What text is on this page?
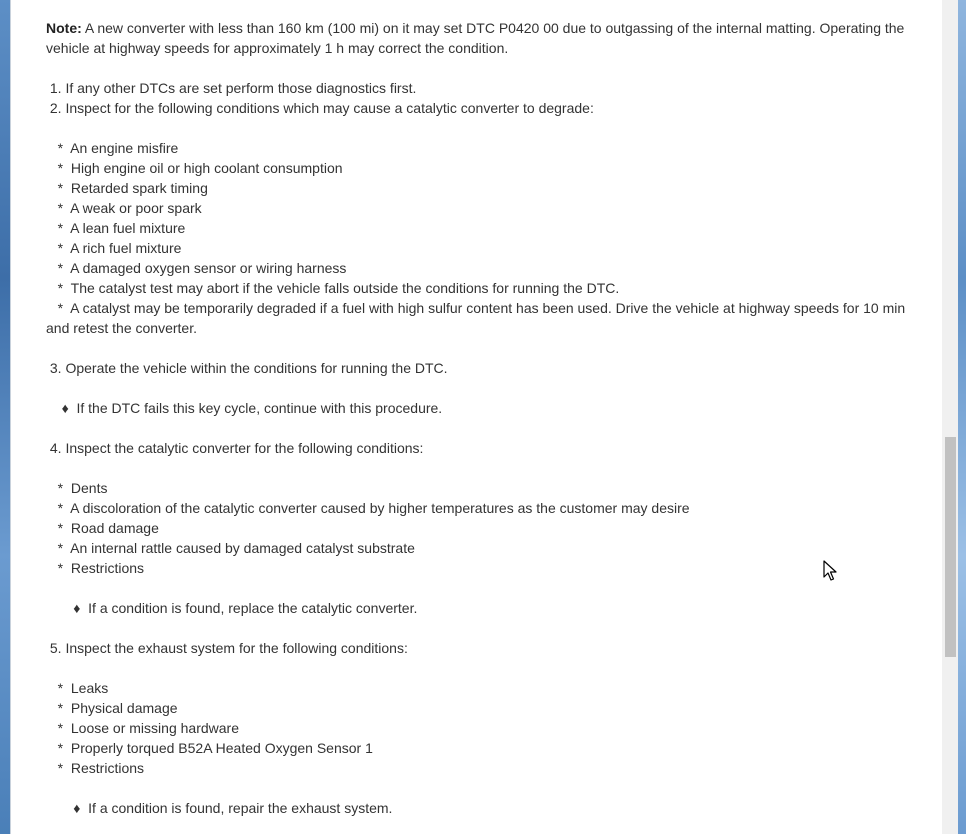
Note: A new converter with less than 160 km (100 mi) on it may set DTC P0420 00 due to outgassing of the internal matting. Operating the vehicle at highway speeds for approximately 1 h may correct the condition.
1. If any other DTCs are set perform those diagnostics first.
2. Inspect for the following conditions which may cause a catalytic converter to degrade:
*  An engine misfire
*  High engine oil or high coolant consumption
*  Retarded spark timing
*  A weak or poor spark
*  A lean fuel mixture
*  A rich fuel mixture
*  A damaged oxygen sensor or wiring harness
*  The catalyst test may abort if the vehicle falls outside the conditions for running the DTC.
*  A catalyst may be temporarily degraded if a fuel with high sulfur content has been used. Drive the vehicle at highway speeds for 10 min and retest the converter.
3. Operate the vehicle within the conditions for running the DTC.
♦  If the DTC fails this key cycle, continue with this procedure.
4. Inspect the catalytic converter for the following conditions:
*  Dents
*  A discoloration of the catalytic converter caused by higher temperatures as the customer may desire
*  Road damage
*  An internal rattle caused by damaged catalyst substrate
*  Restrictions
♦  If a condition is found, replace the catalytic converter.
5. Inspect the exhaust system for the following conditions:
*  Leaks
*  Physical damage
*  Loose or missing hardware
*  Properly torqued B52A Heated Oxygen Sensor 1
*  Restrictions
♦  If a condition is found, repair the exhaust system.
